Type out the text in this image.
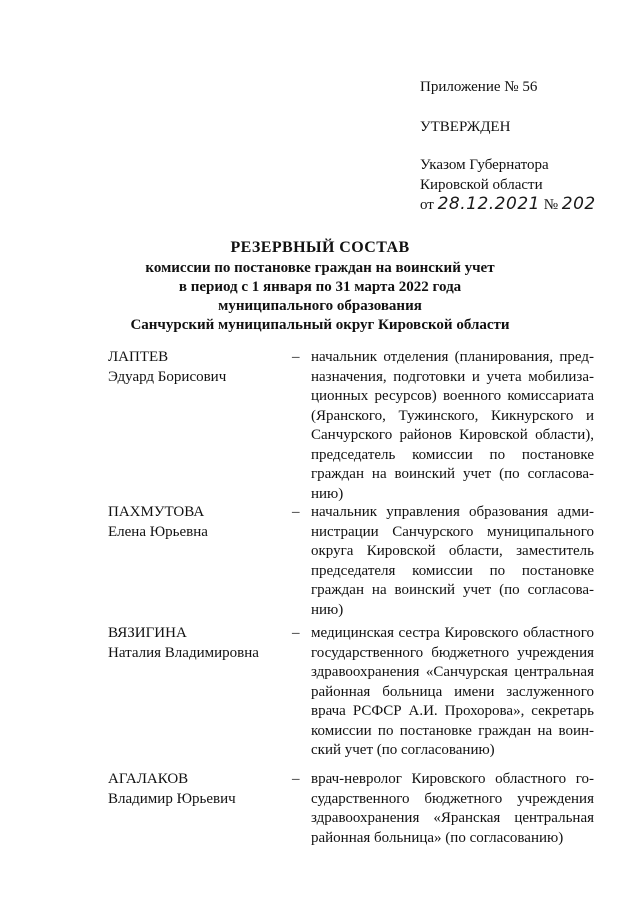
Приложение № 56
УТВЕРЖДЕН
Указом Губернатора
Кировской области
от 28.12.2021 № 202
РЕЗЕРВНЫЙ СОСТАВ
комиссии по постановке граждан на воинский учет
в период с 1 января по 31 марта 2022 года
муниципального образования
Санчурский муниципальный округ Кировской области
ЛАПТЕВ
Эдуард Борисович
– начальник отделения (планирования, пред-
назначения, подготовки и учета мобилиза-
ционных ресурсов) военного комиссариата
(Яранского, Тужинского, Кикнурского и
Санчурского районов Кировской области),
председатель комиссии по постановке
граждан на воинский учет (по согласова-
нию)
ПАХМУТОВА
Елена Юрьевна
– начальник управления образования адми-
нистрации Санчурского муниципального
округа Кировской области, заместитель
председателя комиссии по постановке
граждан на воинский учет (по согласова-
нию)
ВЯЗИГИНА
Наталия Владимировна
– медицинская сестра Кировского областного
государственного бюджетного учреждения
здравоохранения «Санчурская центральная
районная больница имени заслуженного
врача РСФСР А.И. Прохорова», секретарь
комиссии по постановке граждан на воин-
ский учет (по согласованию)
АГАЛАКОВ
Владимир Юрьевич
– врач-невролог Кировского областного го-
сударственного бюджетного учреждения
здравоохранения «Яранская центральная
районная больница» (по согласованию)
